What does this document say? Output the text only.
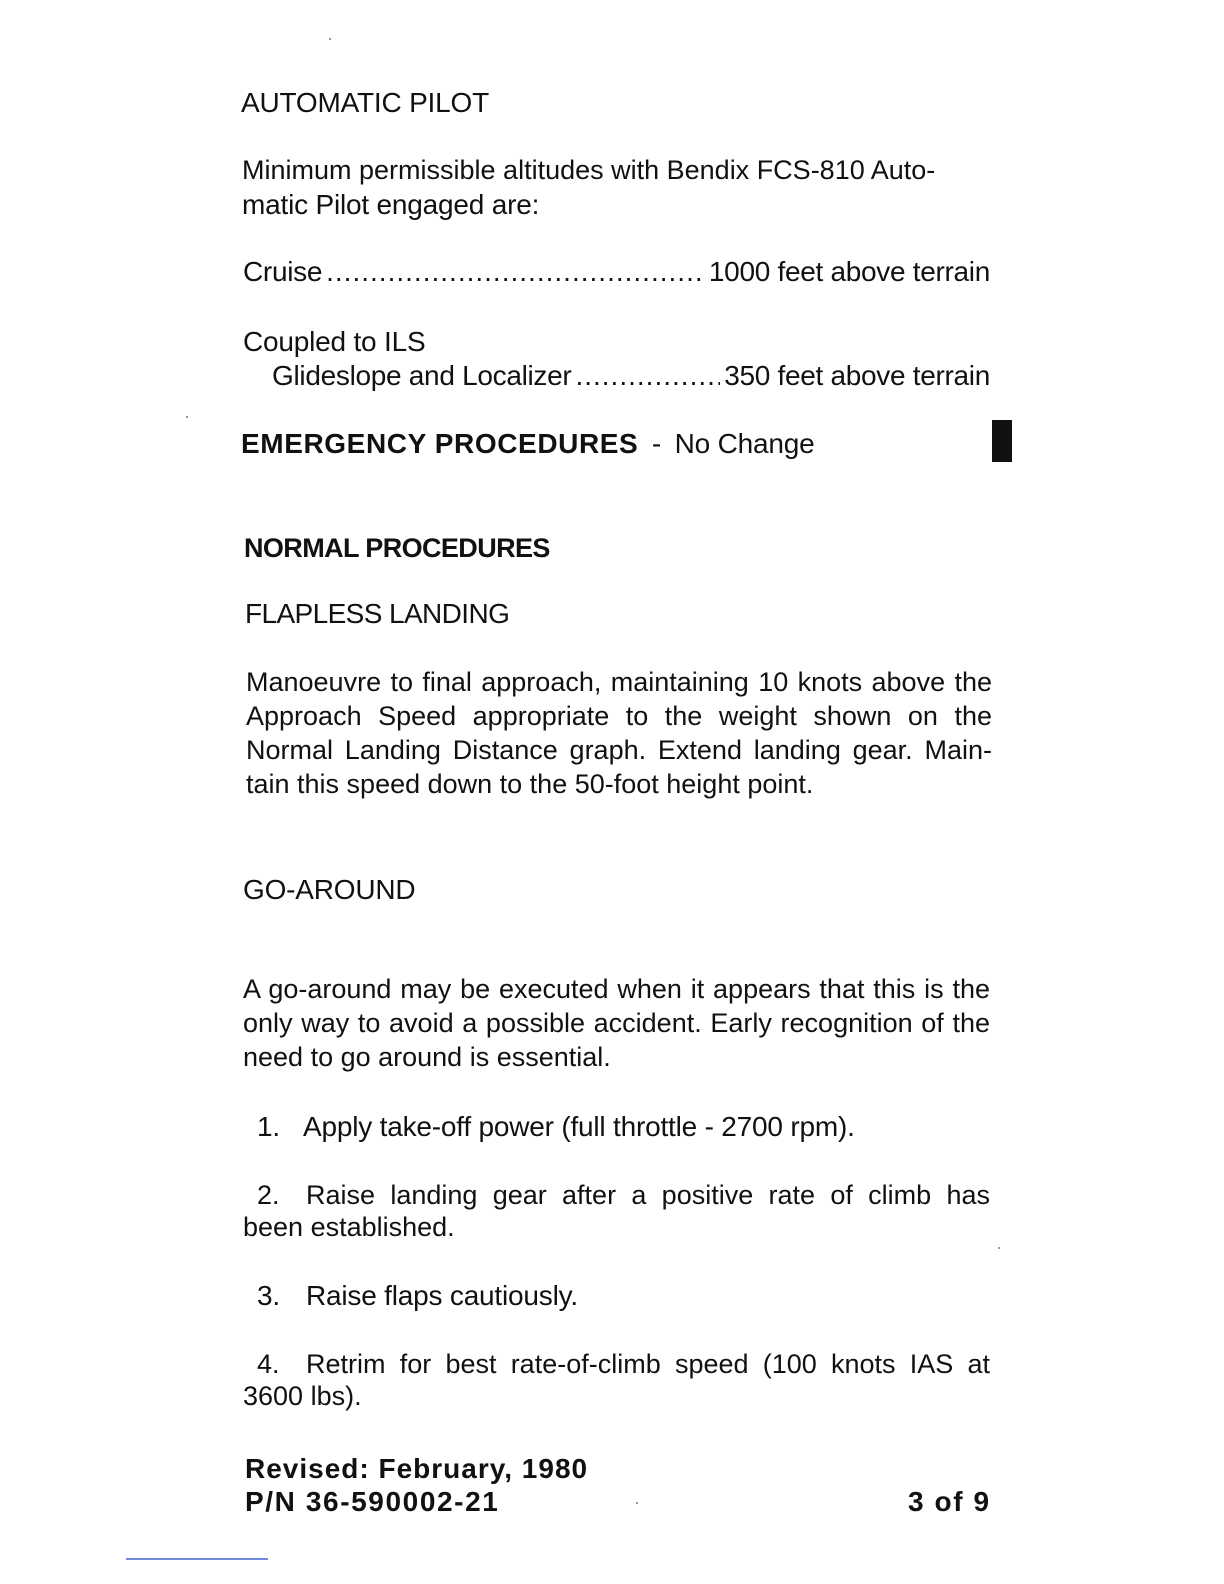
AUTOMATIC PILOT
Minimum permissible altitudes with Bendix FCS-810 Auto-
matic Pilot engaged are:
Cruise .....	1000 feet above terrain
Coupled to ILS
Glideslope and Localizer .....	350 feet above terrain
EMERGENCY PROCEDURES - No Change
NORMAL PROCEDURES
FLAPLESS LANDING
Manoeuvre to final approach, maintaining 10 knots above the
Approach Speed appropriate to the weight shown on the
Normal Landing Distance graph. Extend landing gear. Main-
tain this speed down to the 50-foot height point.
GO-AROUND
A go-around may be executed when it appears that this is the
only way to avoid a possible accident. Early recognition of the
need to go around is essential.
1. Apply take-off power (full throttle - 2700 rpm).
2. Raise landing gear after a positive rate of climb has
been established.
3. Raise flaps cautiously.
4. Retrim for best rate-of-climb speed (100 knots IAS at
3600 lbs).
Revised: February, 1980
P/N 36-590002-21	3 of 9
